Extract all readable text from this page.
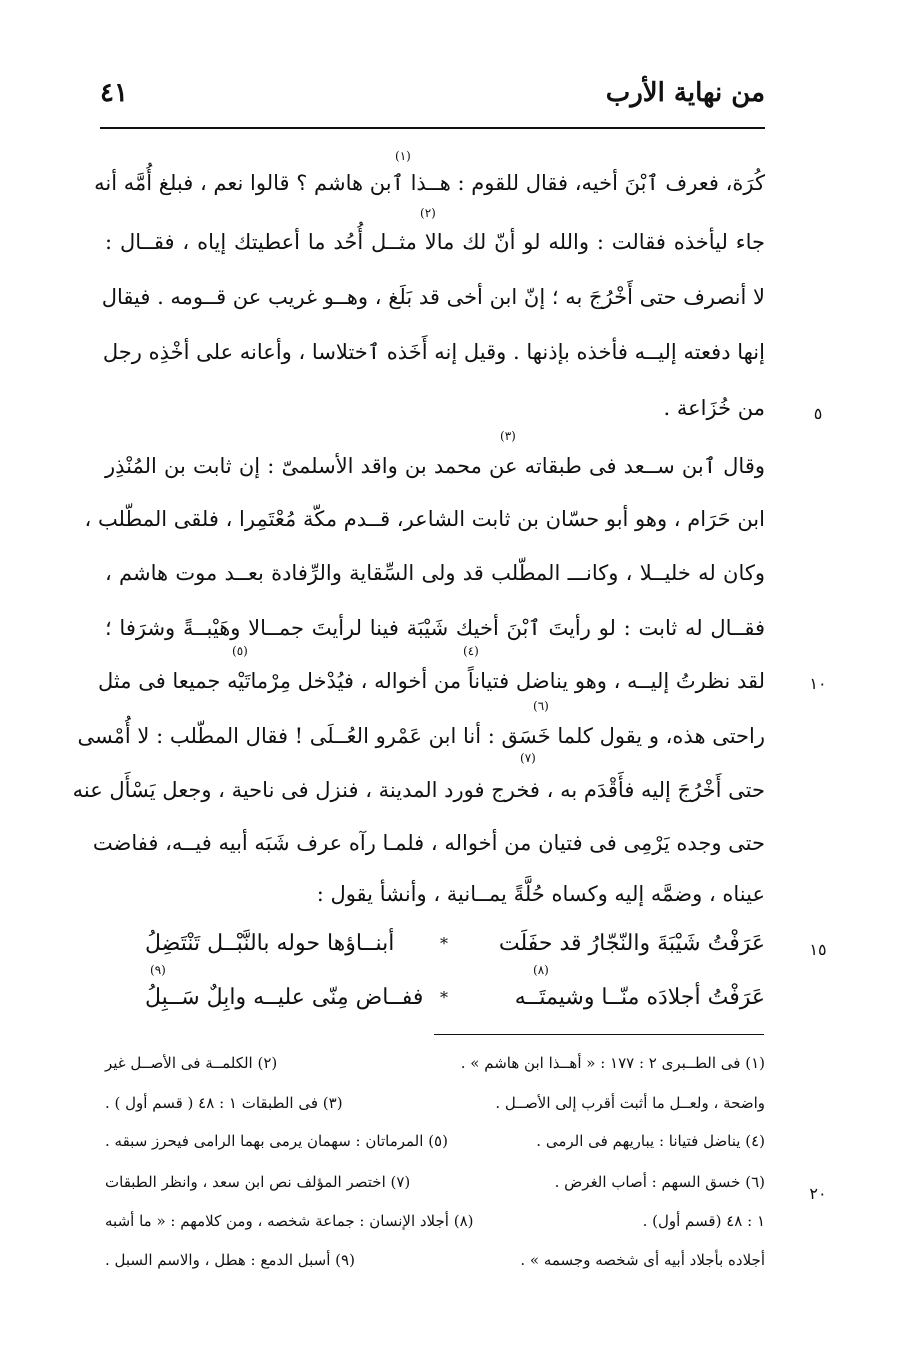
من نهاية الأرب
٤١
كُرَة، فعرف ٱبْنَ أخيه، فقال للقوم : هــذا ٱبن هاشم ؟ قالوا نعم ، فبلغ أُمَّه أنه
جاء ليأخذه فقالت : والله لو أنّ لك مالا مثــل أُحُد ما أعطيتك إياه ، فقــال :
لا أنصرف حتى أَخْرُجَ به ؛ إنّ ابن أخى قد بَلَغ ، وهــو غريب عن قــومه . فيقال
إنها دفعته إليــه فأخذه بإذنها . وقيل إنه أَخَذه ٱختلاسا ، وأعانه على أخْذِه رجل
من خُزَاعة .
وقال ٱبن ســعد فى طبقاته عن محمد بن واقد الأسلمىّ : إن ثابت بن المُنْذِر
ابن حَرَام ، وهو أبو حسّان بن ثابت الشاعر، قــدم مكّة مُعْتَمِرا ، فلقى المطّلب ،
وكان له خليــلا ، وكانـــ المطّلب قد ولى السِّقاية والرِّفادة بعــد موت هاشم ،
فقــال له ثابت : لو رأيتَ ٱبْنَ أخيك شَيْبَة فينا لرأيتَ جمــالا وهَيْبــةً وشرَفا ؛
لقد نظرتُ إليــه ، وهو يناضل فتياناً من أخواله ، فيُدْخل مِرْماتَيْه جميعا فى مثل
راحتى هذه، و يقول كلما خَسَق : أنا ابن عَمْرو العُــلَى ! فقال المطّلب : لا أُمْسى
حتى أَخْرُجَ إليه فأَقْدَم به ، فخرج فورد المدينة ، فنزل فى ناحية ، وجعل يَسْأَل عنه
حتى وجده يَرْمِى فى فتيان من أخواله ، فلمـا رآه عرف شَبَه أبيه فيــه، ففاضت
عيناه ، وضمَّه إليه وكساه حُلَّةً يمــانية ، وأنشأ يقول :
(١)
(٢)
(٣)
(٤)
(٥)
(٦)
(٧)
(٨)
(٩)
عَرَفْتُ شَيْبَةَ والنّجّارُ قد حفَلَت
*
أبنــاؤها حوله بالنَّبْــل تَنْتَضِلُ
عَرَفْتُ أجلادَه منّــا وشيمتَــه
*
ففــاض مِنّى عليــه وابِلٌ سَــبِلُ
٥
١٠
١٥
٢٠
(١) فى الطــبرى ٢ : ١٧٧ : « أهــذا ابن هاشم » .
(٢) الكلمــة فى الأصــل غير
واضحة ، ولعــل ما أثبت أقرب إلى الأصــل .
(٣) فى الطبقات ١ : ٤٨ ( قسم أول ) .
(٤) يناضل فتيانا : يباريهم فى الرمى .
(٥) المرماتان : سهمان يرمى بهما الرامى فيحرز سبقه .
(٦) خسق السهم : أصاب الغرض .
(٧) اختصر المؤلف نص ابن سعد ، وانظر الطبقات
١ : ٤٨ (قسم أول) .
(٨) أجلاد الإنسان : جماعة شخصه ، ومن كلامهم : « ما أشبه
أجلاده بأجلاد أبيه أى شخصه وجسمه » .
(٩) أسبل الدمع : هطل ، والاسم السبل .
